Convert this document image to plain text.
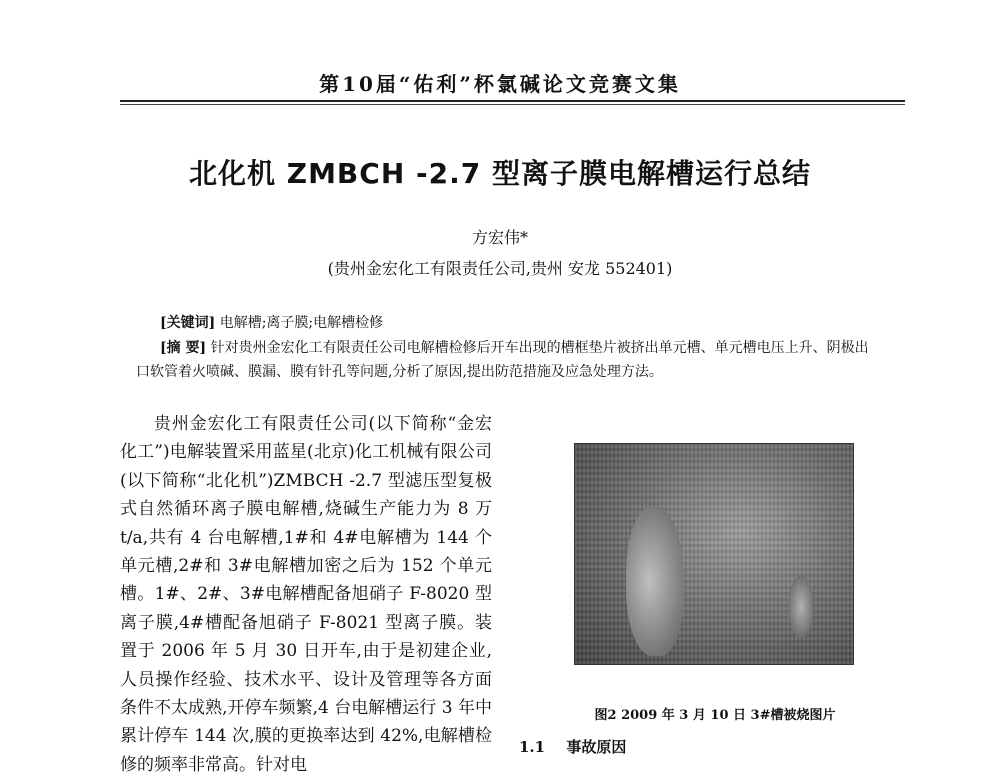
第10届“佑利”杯氯碱论文竞赛文集
北化机 ZMBCH -2.7 型离子膜电解槽运行总结
方宏伟*
(贵州金宏化工有限责任公司,贵州 安龙 552401)
[关键词] 电解槽;离子膜;电解槽检修
[摘 要] 针对贵州金宏化工有限责任公司电解槽检修后开车出现的槽框垫片被挤出单元槽、单元槽电压上升、阴极出口软管着火喷碱、膜漏、膜有针孔等问题,分析了原因,提出防范措施及应急处理方法。
贵州金宏化工有限责任公司(以下简称“金宏化工”)电解装置采用蓝星(北京)化工机械有限公司(以下简称“北化机”)ZMBCH -2.7 型滤压型复极式自然循环离子膜电解槽,烧碱生产能力为 8 万 t/a,共有 4 台电解槽,1#和 4#电解槽为 144 个单元槽,2#和 3#电解槽加密之后为 152 个单元槽。1#、2#、3#电解槽配备旭硝子 F-8020 型离子膜,4#槽配备旭硝子 F-8021 型离子膜。装置于 2006 年 5 月 30 日开车,由于是初建企业,人员操作经验、技术水平、设计及管理等各方面条件不太成熟,开停车频繁,4 台电解槽运行 3 年中累计停车 144 次,膜的更换率达到 42%,电解槽检修的频率非常高。针对电
图2 2009 年 3 月 10 日 3#槽被烧图片
1.1 事故原因
